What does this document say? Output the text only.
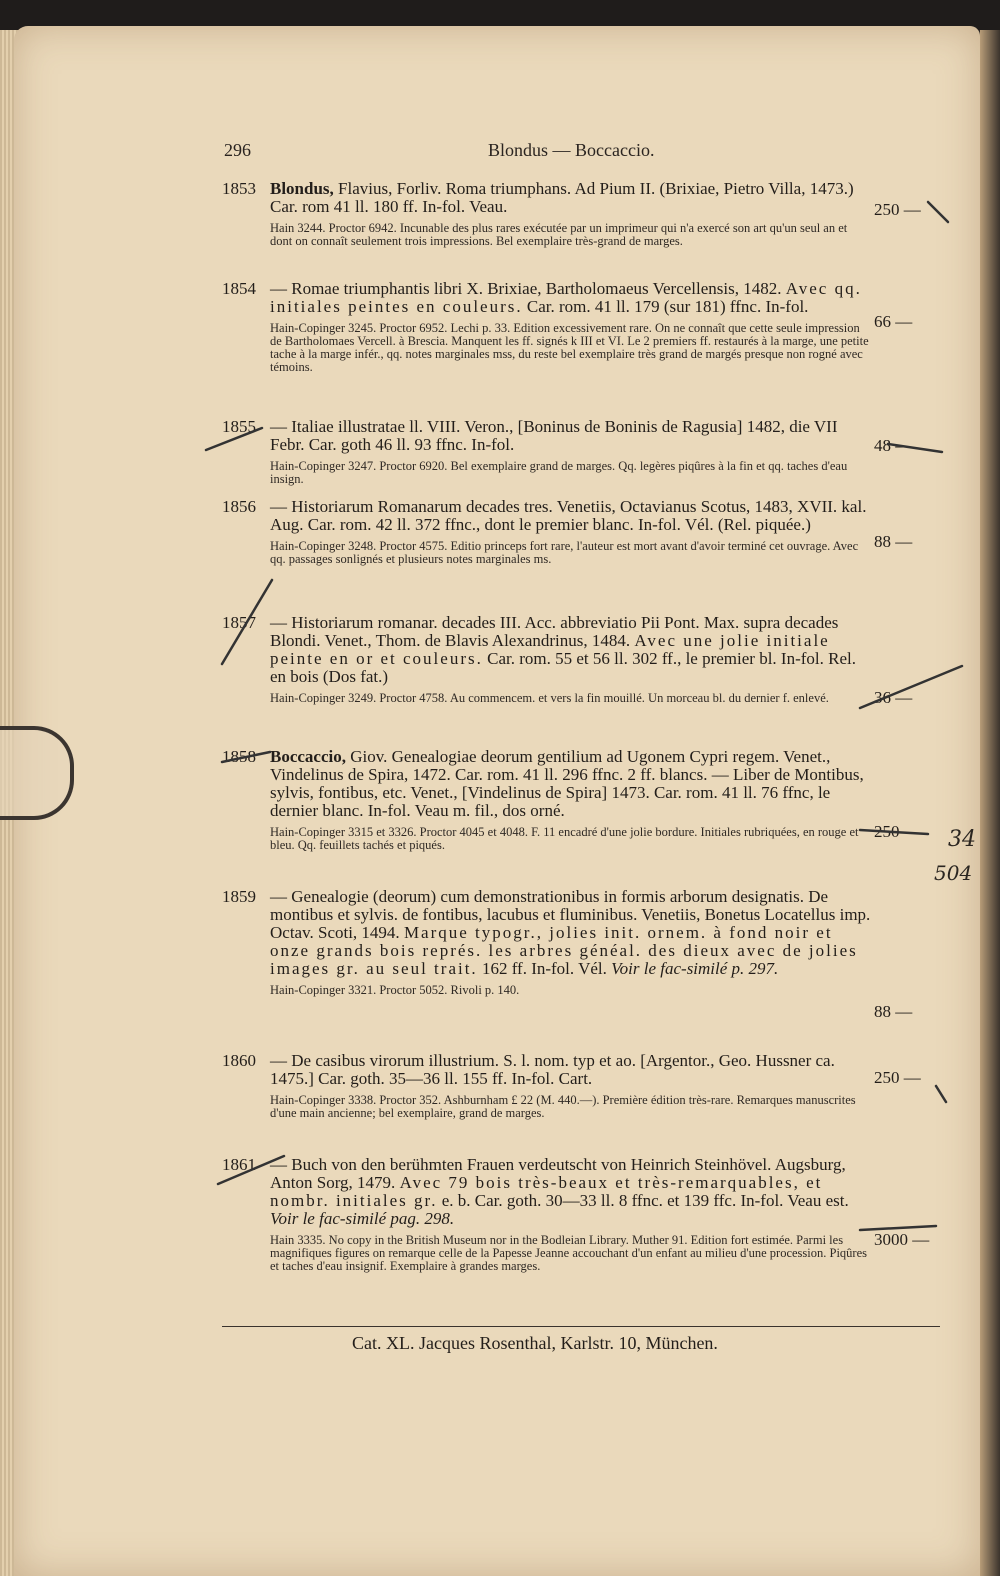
296	Blondus — Boccaccio.
1853 Blondus, Flavius, Forliv. Roma triumphans. Ad Pium II. (Brixiae, Pietro Villa, 1473.) Car. rom 41 ll. 180 ff. In-fol. Veau.
Hain 3244. Proctor 6942. Incunable des plus rares exécutée par un imprimeur qui n'a exercé son art qu'un seul an et dont on connaît seulement trois impressions. Bel exemplaire très-grand de marges.
250 —
1854 — Romae triumphantis libri X. Brixiae, Bartholomaeus Vercellensis, 1482. Avec qq. initiales peintes en couleurs. Car. rom. 41 ll. 179 (sur 181) ffnc. In-fol.
Hain-Copinger 3245. Proctor 6952. Lechi p. 33. Edition excessivement rare. On ne connaît que cette seule impression de Bartholomaes Vercell. à Brescia. Manquent les ff. signés k III et VI. Le 2 premiers ff. restaurés à la marge, une petite tache à la marge infér., qq. notes marginales mss, du reste bel exemplaire très grand de margés presque non rogné avec témoins.
66 —
1855 — Italiae illustratae ll. VIII. Veron., [Boninus de Boninis de Ragusia] 1482, die VII Febr. Car. goth 46 ll. 93 ffnc. In-fol.
Hain-Copinger 3247. Proctor 6920. Bel exemplaire grand de marges. Qq. legères piqûres à la fin et qq. taches d'eau insign.
48 —
1856 — Historiarum Romanarum decades tres. Venetiis, Octavianus Scotus, 1483, XVII. kal. Aug. Car. rom. 42 ll. 372 ffnc., dont le premier blanc. In-fol. Vél. (Rel. piquée.)
Hain-Copinger 3248. Proctor 4575. Editio princeps fort rare, l'auteur est mort avant d'avoir terminé cet ouvrage. Avec qq. passages sonlignés et plusieurs notes marginales ms.
88 —
1857 — Historiarum romanar. decades III. Acc. abbreviatio Pii Pont. Max. supra decades Blondi. Venet., Thom. de Blavis Alexandrinus, 1484. Avec une jolie initiale peinte en or et couleurs. Car. rom. 55 et 56 ll. 302 ff., le premier bl. In-fol. Rel. en bois (Dos fat.)
Hain-Copinger 3249. Proctor 4758. Au commencem. et vers la fin mouillé. Un morceau bl. du dernier f. enlevé.	36 —
1858 Boccaccio, Giov. Genealogiae deorum gentilium ad Ugonem Cypri regem. Venet., Vindelinus de Spira, 1472. Car. rom. 41 ll. 296 ffnc. 2 ff. blancs. — Liber de Montibus, sylvis, fontibus, etc. Venet., [Vindelinus de Spira] 1473. Car. rom. 41 ll. 76 ffnc, le dernier blanc. In-fol. Veau m. fil., dos orné.
Hain-Copinger 3315 et 3326. Proctor 4045 et 4048. F. 11 encadré d'une jolie bordure. Initiales rubriquées, en rouge et bleu. Qq. feuillets tachés et piqués.
250 —
1859 — Genealogie (deorum) cum demonstrationibus in formis arborum designatis. De montibus et sylvis. de fontibus, lacubus et fluminibus. Venetiis, Bonetus Locatellus imp. Octav. Scoti, 1494. Marque typogr., jolies init. ornem. à fond noir et onze grands bois représ. les arbres généal. des dieux avec de jolies images gr. au seul trait. 162 ff. In-fol. Vél. Voir le fac-similé p. 297.
Hain-Copinger 3321. Proctor 5052. Rivoli p. 140.
88 —
1860 — De casibus virorum illustrium. S. l. nom. typ et ao. [Argentor., Geo. Hussner ca. 1475.] Car. goth. 35—36 ll. 155 ff. In-fol. Cart.
Hain-Copinger 3338. Proctor 352. Ashburnham £ 22 (M. 440.—). Première édition très-rare. Remarques manuscrites d'une main ancienne; bel exemplaire, grand de marges.
250 —
1861 — Buch von den berühmten Frauen verdeutscht von Heinrich Steinhövel. Augsburg, Anton Sorg, 1479. Avec 79 bois très-beaux et très-remarquables, et nombr. initiales gr. e. b. Car. goth. 30—33 ll. 8 ffnc. et 139 ffc. In-fol. Veau est. Voir le fac-similé pag. 298.
Hain 3335. No copy in the British Museum nor in the Bodleian Library. Muther 91. Edition fort estimée. Parmi les magnifiques figures on remarque celle de la Papesse Jeanne accouchant d'un enfant au milieu d'une procession. Piqûres et taches d'eau insignif. Exemplaire à grandes marges.
3000 —
34
504
Cat. XL. Jacques Rosenthal, Karlstr. 10, München.
